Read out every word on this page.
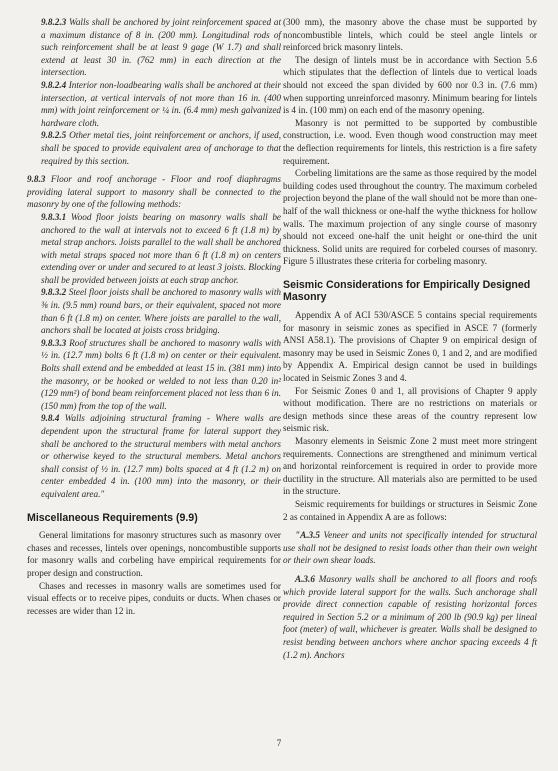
9.8.2.3 Walls shall be anchored by joint reinforcement spaced at a maximum distance of 8 in. (200 mm). Longitudinal rods of such reinforcement shall be at least 9 gage (W 1.7) and shall extend at least 30 in. (762 mm) in each direction at the intersection.

9.8.2.4 Interior non-loadbearing walls shall be anchored at their intersection, at vertical intervals of not more than 16 in. (400 mm) with joint reinforcement or ¼ in. (6.4 mm) mesh galvanized hardware cloth.

9.8.2.5 Other metal ties, joint reinforcement or anchors, if used, shall be spaced to provide equivalent area of anchorage to that required by this section.

9.8.3 Floor and roof anchorage - Floor and roof diaphragms providing lateral support to masonry shall be connected to the masonry by one of the following methods:

9.8.3.1 Wood floor joists bearing on masonry walls shall be anchored to the wall at intervals not to exceed 6 ft (1.8 m) by metal strap anchors. Joists parallel to the wall shall be anchored with metal straps spaced not more than 6 ft (1.8 m) on centers extending over or under and secured to at least 3 joists. Blocking shall be provided between joists at each strap anchor.

9.8.3.2 Steel floor joists shall be anchored to masonry walls with ⅜ in. (9.5 mm) round bars, or their equivalent, spaced not more than 6 ft (1.8 m) on center. Where joists are parallel to the wall, anchors shall be located at joists cross bridging.

9.8.3.3 Roof structures shall be anchored to masonry walls with ½ in. (12.7 mm) bolts 6 ft (1.8 m) on center or their equivalent. Bolts shall extend and be embedded at least 15 in. (381 mm) into the masonry, or be hooked or welded to not less than 0.20 in² (129 mm²) of bond beam reinforcement placed not less than 6 in. (150 mm) from the top of the wall.

9.8.4 Walls adjoining structural framing - Where walls are dependent upon the structural frame for lateral support they shall be anchored to the structural members with metal anchors or otherwise keyed to the structural members. Metal anchors shall consist of ½ in. (12.7 mm) bolts spaced at 4 ft (1.2 m) on center embedded 4 in. (100 mm) into the masonry, or their equivalent area."

Miscellaneous Requirements (9.9)

General limitations for masonry structures such as masonry over chases and recesses, lintels over openings, noncombustible supports for masonry walls and corbeling have empirical requirements for proper design and construction.

Chases and recesses in masonry walls are sometimes used for visual effects or to receive pipes, conduits or ducts. When chases or recesses are wider than 12 in.

(300 mm), the masonry above the chase must be supported by noncombustible lintels, which could be steel angle lintels or reinforced brick masonry lintels.

The design of lintels must be in accordance with Section 5.6 which stipulates that the deflection of lintels due to vertical loads should not exceed the span divided by 600 nor 0.3 in. (7.6 mm) when supporting unreinforced masonry. Minimum bearing for lintels is 4 in. (100 mm) on each end of the masonry opening.

Masonry is not permitted to be supported by combustible construction, i.e. wood. Even though wood construction may meet the deflection requirements for lintels, this restriction is a fire safety requirement.

Corbeling limitations are the same as those required by the model building codes used throughout the country. The maximum corbeled projection beyond the plane of the wall should not be more than one-half of the wall thickness or one-half the wythe thickness for hollow walls. The maximum projection of any single course of masonry should not exceed one-half the unit height or one-third the unit thickness. Solid units are required for corbeled courses of masonry. Figure 5 illustrates these criteria for corbeling masonry.

Seismic Considerations for Empirically Designed Masonry

Appendix A of ACI 530/ASCE 5 contains special requirements for masonry in seismic zones as specified in ASCE 7 (formerly ANSI A58.1). The provisions of Chapter 9 on empirical design of masonry may be used in Seismic Zones 0, 1 and 2, and are modified by Appendix A. Empirical design cannot be used in buildings located in Seismic Zones 3 and 4.

For Seismic Zones 0 and 1, all provisions of Chapter 9 apply without modification. There are no restrictions on materials or design methods since these areas of the country represent low seismic risk.

Masonry elements in Seismic Zone 2 must meet more stringent requirements. Connections are strengthened and minimum vertical and horizontal reinforcement is required in order to provide more ductility in the structure. All materials also are permitted to be used in the structure.

Seismic requirements for buildings or structures in Seismic Zone 2 as contained in Appendix A are as follows:

"A.3.5 Veneer and units not specifically intended for structural use shall not be designed to resist loads other than their own weight or their own shear loads.

A.3.6 Masonry walls shall be anchored to all floors and roofs which provide lateral support for the walls. Such anchorage shall provide direct connection capable of resisting horizontal forces required in Section 5.2 or a minimum of 200 lb (90.9 kg) per lineal foot (meter) of wall, whichever is greater. Walls shall be designed to resist bending between anchors where anchor spacing exceeds 4 ft (1.2 m). Anchors

7
